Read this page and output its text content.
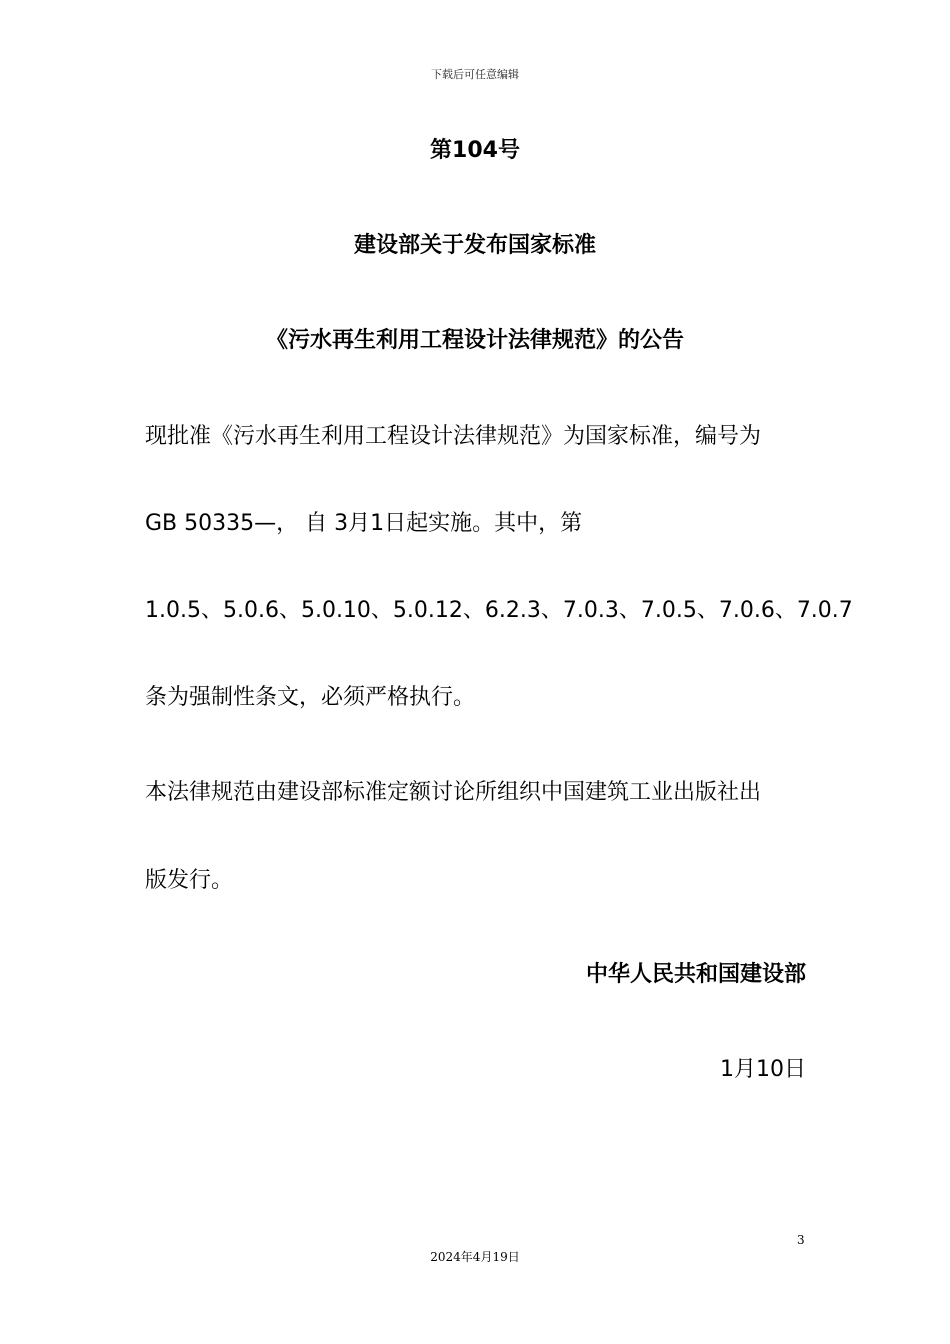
下载后可任意编辑
第104号
建设部关于发布国家标准
《污水再生利用工程设计法律规范》的公告
现批准《污水再生利用工程设计法律规范》为国家标准，编号为
GB 50335—， 自 3月1日起实施。其中，第
1.0.5、5.0.6、5.0.10、5.0.12、6.2.3、7.0.3、7.0.5、7.0.6、7.0.7
条为强制性条文，必须严格执行。
本法律规范由建设部标准定额讨论所组织中国建筑工业出版社出
版发行。
中华人民共和国建设部
1月10日
3
2024年4月19日
